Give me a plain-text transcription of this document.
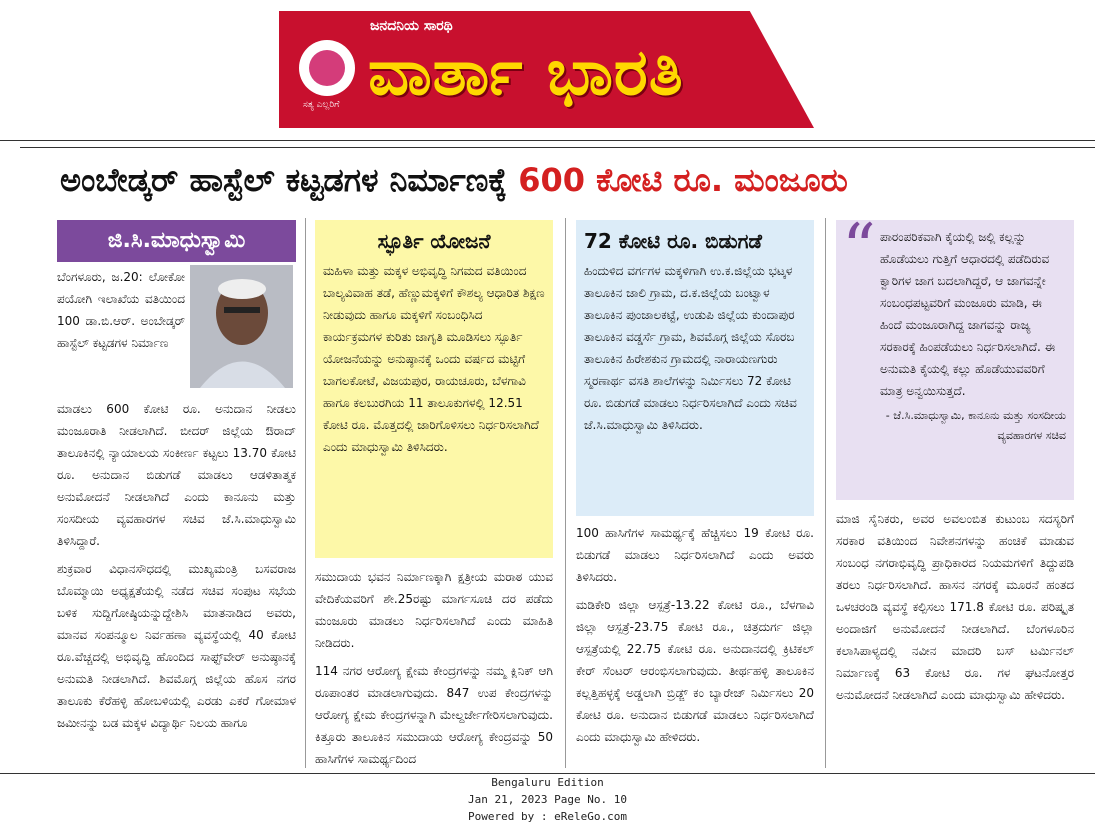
ಸತ್ಯ ಎಲ್ಲರಿಗೆ
ಜನದನಿಯ ಸಾರಥಿ
ವಾರ್ತಾ ಭಾರತಿ
ಅಂಬೇಡ್ಕರ್ ಹಾಸ್ಟೆಲ್ ಕಟ್ಟಡಗಳ ನಿರ್ಮಾಣಕ್ಕೆ 600 ಕೋಟಿ ರೂ. ಮಂಜೂರು
ಜಿ.ಸಿ.ಮಾಧುಸ್ವಾಮಿ
ಬೆಂಗಳೂರು, ಜ.20: ಲೋಕೋ ಪಯೋಗಿ ಇಲಾಖೆಯ ವತಿಯಿಂದ 100 ಡಾ.ಬಿ.ಆರ್. ಅಂಬೇಡ್ಕರ್ ಹಾಸ್ಟೆಲ್ ಕಟ್ಟಡಗಳ ನಿರ್ಮಾಣ

ಮಾಡಲು 600 ಕೋಟಿ ರೂ. ಅನುದಾನ ನೀಡಲು ಮಂಜೂರಾತಿ ನೀಡಲಾಗಿದೆ. ಬೀದರ್ ಜಿಲ್ಲೆಯ ಔರಾದ್ ತಾಲೂಕಿನಲ್ಲಿ ನ್ಯಾಯಾಲಯ ಸಂಕೀರ್ಣ ಕಟ್ಟಲು 13.70 ಕೋಟಿ ರೂ. ಅನುದಾನ ಬಿಡುಗಡೆ ಮಾಡಲು ಆಡಳಿತಾತ್ಮಕ ಅನುಮೋದನೆ ನೀಡಲಾಗಿದೆ ಎಂದು ಕಾನೂನು ಮತ್ತು ಸಂಸದೀಯ ವ್ಯವಹಾರಗಳ ಸಚಿವ ಜೆ.ಸಿ.ಮಾಧುಸ್ವಾಮಿ ತಿಳಿಸಿದ್ದಾರೆ.

ಶುಕ್ರವಾರ ವಿಧಾನಸೌಧದಲ್ಲಿ ಮುಖ್ಯಮಂತ್ರಿ ಬಸವರಾಜ ಬೊಮ್ಮಾಯಿ ಅಧ್ಯಕ್ಷತೆಯಲ್ಲಿ ನಡೆದ ಸಚಿವ ಸಂಪುಟ ಸಭೆಯ ಬಳಿಕ ಸುದ್ದಿಗೋಷ್ಠಿಯನ್ನುದ್ದೇಶಿಸಿ ಮಾತನಾಡಿದ ಅವರು, ಮಾನವ ಸಂಪನ್ಮೂಲ ನಿರ್ವಹಣಾ ವ್ಯವಸ್ಥೆಯಲ್ಲಿ 40 ಕೋಟಿ ರೂ.ವೆಚ್ಚದಲ್ಲಿ ಅಭಿವೃದ್ಧಿ ಹೊಂದಿದ ಸಾಫ್ಟ್‌ವೇರ್ ಅನುಷ್ಠಾನಕ್ಕೆ ಅನುಮತಿ ನೀಡಲಾಗಿದೆ. ಶಿವಮೊಗ್ಗ ಜಿಲ್ಲೆಯ ಹೊಸ ನಗರ ತಾಲೂಕು ಕೆರೆಹಳ್ಳಿ ಹೋಬಳಿಯಲ್ಲಿ ಎರಡು ಎಕರೆ ಗೋಮಾಳ ಜಮೀನನ್ನು ಬಡ ಮಕ್ಕಳ ವಿದ್ಯಾರ್ಥಿ ನಿಲಯ ಹಾಗೂ

ಸ್ಫೂರ್ತಿ ಯೋಜನೆ
ಮಹಿಳಾ ಮತ್ತು ಮಕ್ಕಳ ಅಭಿವೃದ್ಧಿ ನಿಗಮದ ವತಿಯಿಂದ ಬಾಲ್ಯವಿವಾಹ ತಡೆ, ಹೆಣ್ಣುಮಕ್ಕಳಿಗೆ ಕೌಶಲ್ಯ ಆಧಾರಿತ ಶಿಕ್ಷಣ ನೀಡುವುದು ಹಾಗೂ ಮಕ್ಕಳಿಗೆ ಸಂಬಂಧಿಸಿದ ಕಾರ್ಯಕ್ರಮಗಳ ಕುರಿತು ಜಾಗೃತಿ ಮೂಡಿಸಲು ಸ್ಫೂರ್ತಿ ಯೋಜನೆಯನ್ನು ಅನುಷ್ಠಾನಕ್ಕೆ ಒಂದು ವರ್ಷದ ಮಟ್ಟಿಗೆ ಬಾಗಲಕೋಟೆ, ವಿಜಯಪುರ, ರಾಯಚೂರು, ಬೆಳಗಾವಿ ಹಾಗೂ ಕಲಬುರಗಿಯ 11 ತಾಲೂಕುಗಳಲ್ಲಿ 12.51 ಕೋಟಿ ರೂ. ಮೊತ್ತದಲ್ಲಿ ಜಾರಿಗೊಳಿಸಲು ನಿರ್ಧರಿಸಲಾಗಿದೆ ಎಂದು ಮಾಧುಸ್ವಾಮಿ ತಿಳಿಸಿದರು.

ಸಮುದಾಯ ಭವನ ನಿರ್ಮಾಣಕ್ಕಾಗಿ ಕ್ಷತ್ರೀಯ ಮರಾಠ ಯುವ ವೇದಿಕೆಯವರಿಗೆ ಶೇ.25ರಷ್ಟು ಮಾರ್ಗಸೂಚಿ ದರ ಪಡೆದು ಮಂಜೂರು ಮಾಡಲು ನಿರ್ಧರಿಸಲಾಗಿದೆ ಎಂದು ಮಾಹಿತಿ ನೀಡಿದರು.

114 ನಗರ ಆರೋಗ್ಯ ಕ್ಷೇಮ ಕೇಂದ್ರಗಳನ್ನು ನಮ್ಮ ಕ್ಲಿನಿಕ್ ಆಗಿ ರೂಪಾಂತರ ಮಾಡಲಾಗುವುದು. 847 ಉಪ ಕೇಂದ್ರಗಳನ್ನು ಆರೋಗ್ಯ ಕ್ಷೇಮ ಕೇಂದ್ರಗಳನ್ನಾಗಿ ಮೇಲ್ದರ್ಜೇಗೇರಿಸಲಾಗುವುದು. ಕಿತ್ತೂರು ತಾಲೂಕಿನ ಸಮುದಾಯ ಆರೋಗ್ಯ ಕೇಂದ್ರವನ್ನು 50 ಹಾಸಿಗೆಗಳ ಸಾಮರ್ಥ್ಯದಿಂದ

72 ಕೋಟಿ ರೂ. ಬಿಡುಗಡೆ
ಹಿಂದುಳಿದ ವರ್ಗಗಳ ಮಕ್ಕಳಿಗಾಗಿ ಉ.ಕ.ಜಿಲ್ಲೆಯ ಭಟ್ಕಳ ತಾಲೂಕಿನ ಜಾಲಿ ಗ್ರಾಮ, ದ.ಕ.ಜಿಲ್ಲೆಯ ಬಂಟ್ವಾಳ ತಾಲೂಕಿನ ಪುಂಜಾಲಕಟ್ಟೆ, ಉಡುಪಿ ಜಿಲ್ಲೆಯ ಕುಂದಾಪುರ ತಾಲೂಕಿನ ವಡ್ಡರ್ಸೆ ಗ್ರಾಮ, ಶಿವಮೊಗ್ಗ ಜಿಲ್ಲೆಯ ಸೊರಬ ತಾಲೂಕಿನ ಹಿರೇಶಕುನ ಗ್ರಾಮದಲ್ಲಿ ನಾರಾಯಣಗುರು ಸ್ಮರಣಾರ್ಥ ವಸತಿ ಶಾಲೆಗಳನ್ನು ನಿರ್ಮಿಸಲು 72 ಕೋಟಿ ರೂ. ಬಿಡುಗಡೆ ಮಾಡಲು ನಿರ್ಧರಿಸಲಾಗಿದೆ ಎಂದು ಸಚಿವ ಜೆ.ಸಿ.ಮಾಧುಸ್ವಾಮಿ ತಿಳಿಸಿದರು.

100 ಹಾಸಿಗೆಗಳ ಸಾಮರ್ಥ್ಯಕ್ಕೆ ಹೆಚ್ಚಿಸಲು 19 ಕೋಟಿ ರೂ. ಬಿಡುಗಡೆ ಮಾಡಲು ನಿರ್ಧರಿಸಲಾಗಿದೆ ಎಂದು ಅವರು ತಿಳಿಸಿದರು.

ಮಡಿಕೇರಿ ಜಿಲ್ಲಾ ಆಸ್ಪತ್ರೆ-13.22 ಕೋಟಿ ರೂ., ಬೆಳಗಾವಿ ಜಿಲ್ಲಾ ಆಸ್ಪತ್ರೆ-23.75 ಕೋಟಿ ರೂ., ಚಿತ್ರದುರ್ಗ ಜಿಲ್ಲಾ ಆಸ್ಪತ್ರೆಯಲ್ಲಿ 22.75 ಕೋಟಿ ರೂ. ಅನುದಾನದಲ್ಲಿ ಕ್ರಿಟಿಕಲ್ ಕೇರ್ ಸೆಂಟರ್ ಆರಂಭಿಸಲಾಗುವುದು. ತೀರ್ಥಹಳ್ಳಿ ತಾಲೂಕಿನ ಕಲ್ಲತ್ತಿಹಳ್ಳಕ್ಕೆ ಅಡ್ಡಲಾಗಿ ಬ್ರಿಡ್ಜ್ ಕಂ ಬ್ಯಾರೇಜ್ ನಿರ್ಮಿಸಲು 20 ಕೋಟಿ ರೂ. ಅನುದಾನ ಬಿಡುಗಡೆ ಮಾಡಲು ನಿರ್ಧರಿಸಲಾಗಿದೆ ಎಂದು ಮಾಧುಸ್ವಾಮಿ ಹೇಳಿದರು.

“ ಪಾರಂಪರಿಕವಾಗಿ ಕೈಯಲ್ಲಿ ಜಲ್ಲಿ ಕಲ್ಲನ್ನು ಹೊಡೆಯಲು ಗುತ್ತಿಗೆ ಆಧಾರದಲ್ಲಿ ಪಡೆದಿರುವ ಕ್ವಾರಿಗಳ ಜಾಗ ಬದಲಾಗಿದ್ದರೆ, ಆ ಜಾಗವನ್ನೇ ಸಂಬಂಧಪಟ್ಟವರಿಗೆ ಮಂಜೂರು ಮಾಡಿ, ಈ ಹಿಂದೆ ಮಂಜೂರಾಗಿದ್ದ ಜಾಗವನ್ನು ರಾಜ್ಯ ಸರಕಾರಕ್ಕೆ ಹಿಂಪಡೆಯಲು ನಿರ್ಧರಿಸಲಾಗಿದೆ. ಈ ಅನುಮತಿ ಕೈಯಲ್ಲಿ ಕಲ್ಲು ಹೊಡೆಯುವವರಿಗೆ ಮಾತ್ರ ಅನ್ವಯಿಸುತ್ತದೆ.
- ಜೆ.ಸಿ.ಮಾಧುಸ್ವಾಮಿ, ಕಾನೂನು ಮತ್ತು ಸಂಸದೀಯ ವ್ಯವಹಾರಗಳ ಸಚಿವ

ಮಾಜಿ ಸೈನಿಕರು, ಅವರ ಅವಲಂಬಿತ ಕುಟುಂಬ ಸದಸ್ಯರಿಗೆ ಸರಕಾರ ವತಿಯಿಂದ ನಿವೇಶನಗಳನ್ನು ಹಂಚಿಕೆ ಮಾಡುವ ಸಂಬಂಧ ನಗರಾಭಿವೃದ್ಧಿ ಪ್ರಾಧಿಕಾರದ ನಿಯಮಗಳಿಗೆ ತಿದ್ದುಪಡಿ ತರಲು ನಿರ್ಧರಿಸಲಾಗಿದೆ. ಹಾಸನ ನಗರಕ್ಕೆ ಮೂರನೆ ಹಂತದ ಒಳಚರಂಡಿ ವ್ಯವಸ್ಥೆ ಕಲ್ಪಿಸಲು 171.8 ಕೋಟಿ ರೂ. ಪರಿಷ್ಕೃತ ಅಂದಾಜಿಗೆ ಅನುಮೋದನೆ ನೀಡಲಾಗಿದೆ. ಬೆಂಗಳೂರಿನ ಕಲಾಸಿಪಾಳ್ಯದಲ್ಲಿ ನವೀನ ಮಾದರಿ ಬಸ್ ಟರ್ಮಿನಲ್ ನಿರ್ಮಾಣಕ್ಕೆ 63 ಕೋಟಿ ರೂ. ಗಳ ಘಟನೋತ್ತರ ಅನುಮೋದನೆ ನೀಡಲಾಗಿದೆ ಎಂದು ಮಾಧುಸ್ವಾಮಿ ಹೇಳಿದರು.

Bengaluru Edition
Jan 21, 2023 Page No. 10
Powered by : eReleGo.com
